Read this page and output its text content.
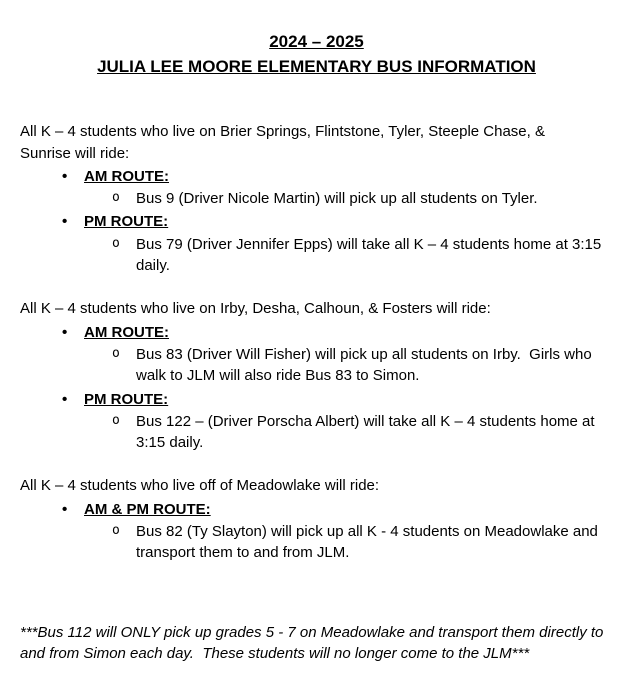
2024 – 2025
JULIA LEE MOORE ELEMENTARY BUS INFORMATION

All K – 4 students who live on Brier Springs, Flintstone, Tyler, Steeple Chase, & Sunrise will ride:

•	AM ROUTE:
o	Bus 9 (Driver Nicole Martin) will pick up all students on Tyler.
•	PM ROUTE:
o	Bus 79 (Driver Jennifer Epps) will take all K – 4 students home at 3:15 daily.

All K – 4 students who live on Irby, Desha, Calhoun, & Fosters will ride:

•	AM ROUTE:
o	Bus 83 (Driver Will Fisher) will pick up all students on Irby.  Girls who walk to JLM will also ride Bus 83 to Simon.
•	PM ROUTE:
o	Bus 122 – (Driver Porscha Albert) will take all K – 4 students home at 3:15 daily.

All K – 4 students who live off of Meadowlake will ride:

•	AM & PM ROUTE:
o	Bus 82 (Ty Slayton) will pick up all K - 4 students on Meadowlake and transport them to and from JLM.

***Bus 112 will ONLY pick up grades 5 - 7 on Meadowlake and transport them directly to and from Simon each day.  These students will no longer come to the JLM***
